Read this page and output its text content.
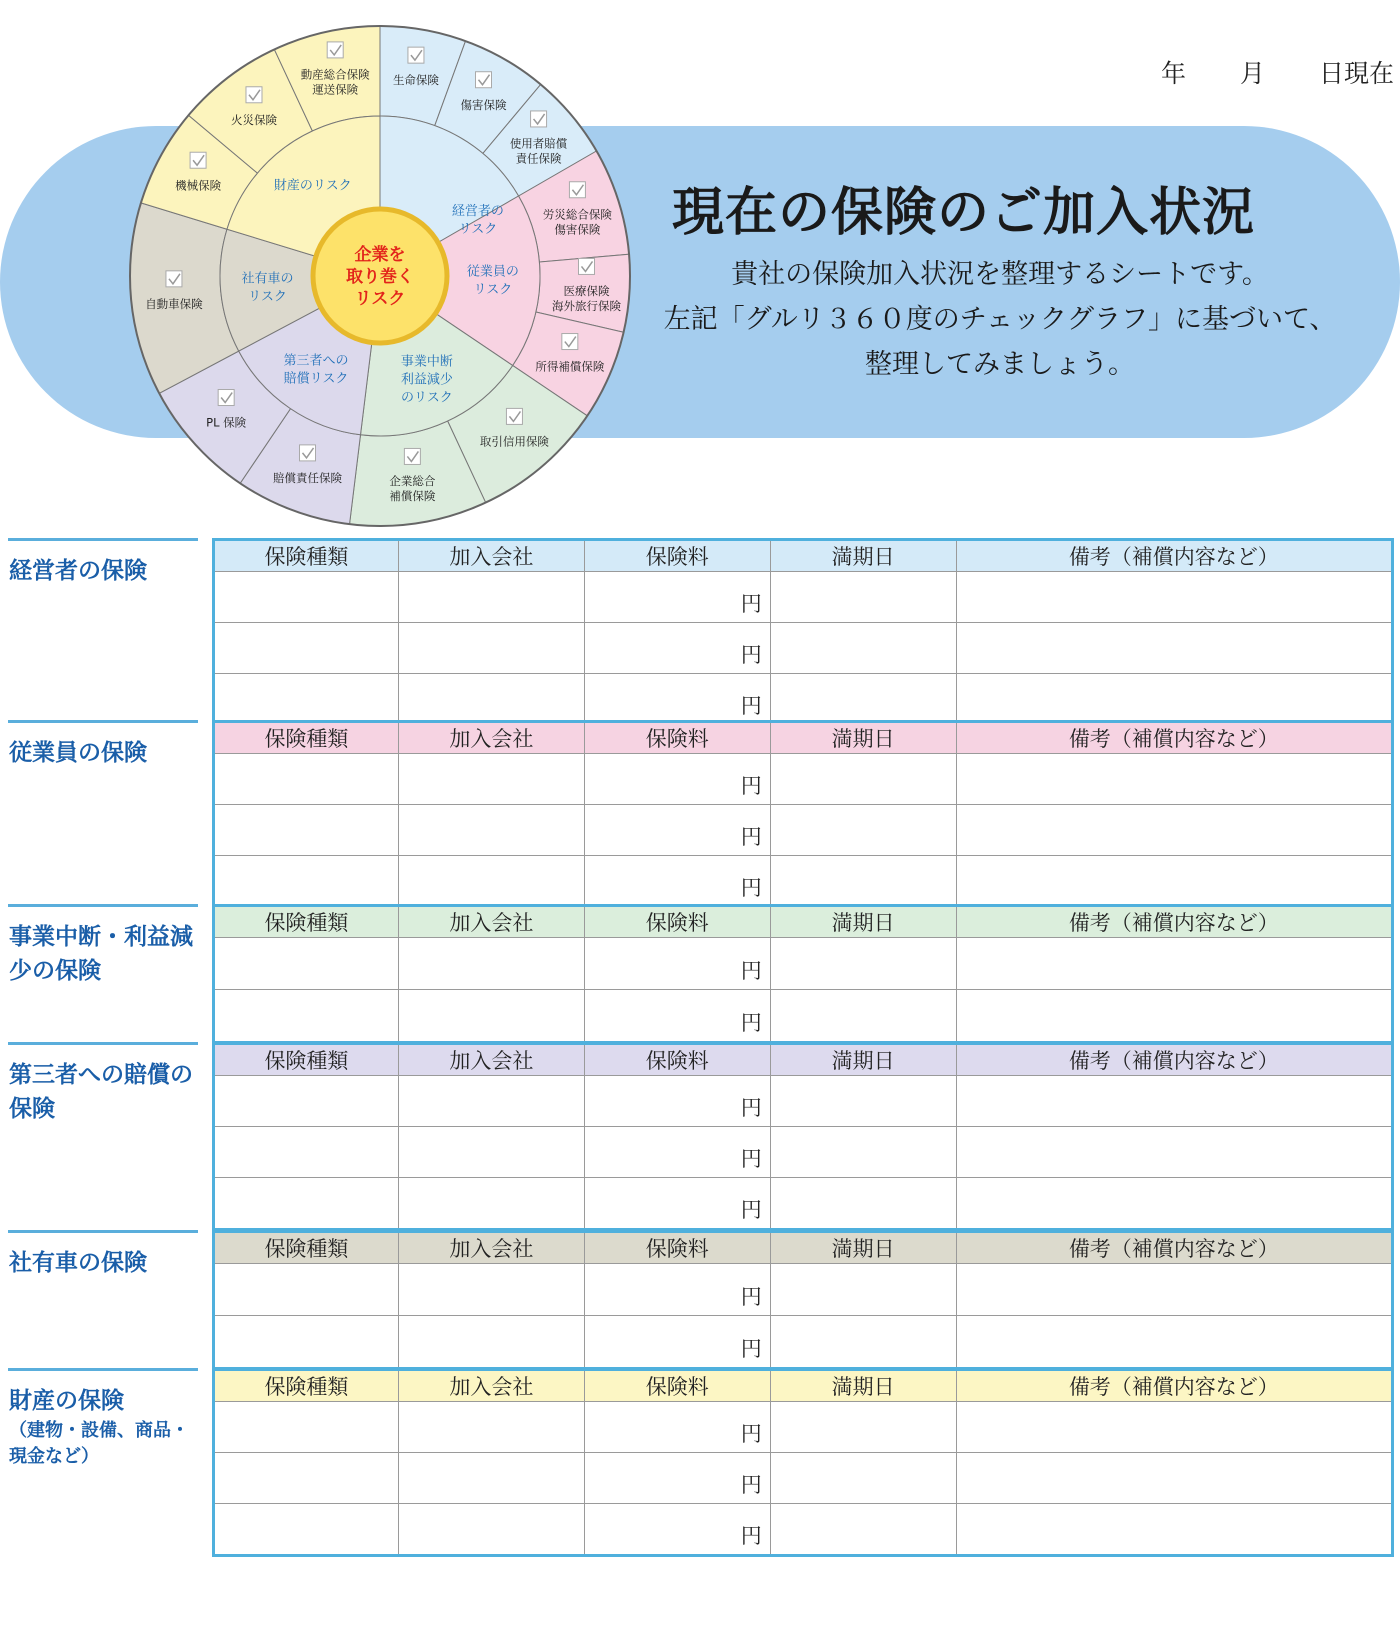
年 月 日現在
現在の保険のご加入状況
貴社の保険加入状況を整理するシートです。
左記「グルリ３６０度のチェックグラフ」に基づいて、
整理してみましょう。
企業を取り巻くリスク
経営者のリスク
従業員のリスク
事業中断利益減少のリスク
第三者への賠償リスク
社有車のリスク
財産のリスク
生命保険
傷害保険
使用者賠償責任保険
労災総合保険傷害保険
医療保険海外旅行保険
所得補償保険
取引信用保険
企業総合補償保険
賠償責任保険
PL 保険
自動車保険
機械保険
火災保険
動産総合保険運送保険
経営者の保険
保険種類	加入会社	保険料	満期日	備考（補償内容など）
		円		
		円		
		円		
従業員の保険
保険種類	加入会社	保険料	満期日	備考（補償内容など）
		円		
		円		
		円		
事業中断・利益減少の保険
保険種類	加入会社	保険料	満期日	備考（補償内容など）
		円		
		円		
第三者への賠償の保険
保険種類	加入会社	保険料	満期日	備考（補償内容など）
		円		
		円		
		円		
社有車の保険
保険種類	加入会社	保険料	満期日	備考（補償内容など）
		円		
		円		
財産の保険
（建物・設備、商品・現金など）
保険種類	加入会社	保険料	満期日	備考（補償内容など）
		円		
		円		
		円		
